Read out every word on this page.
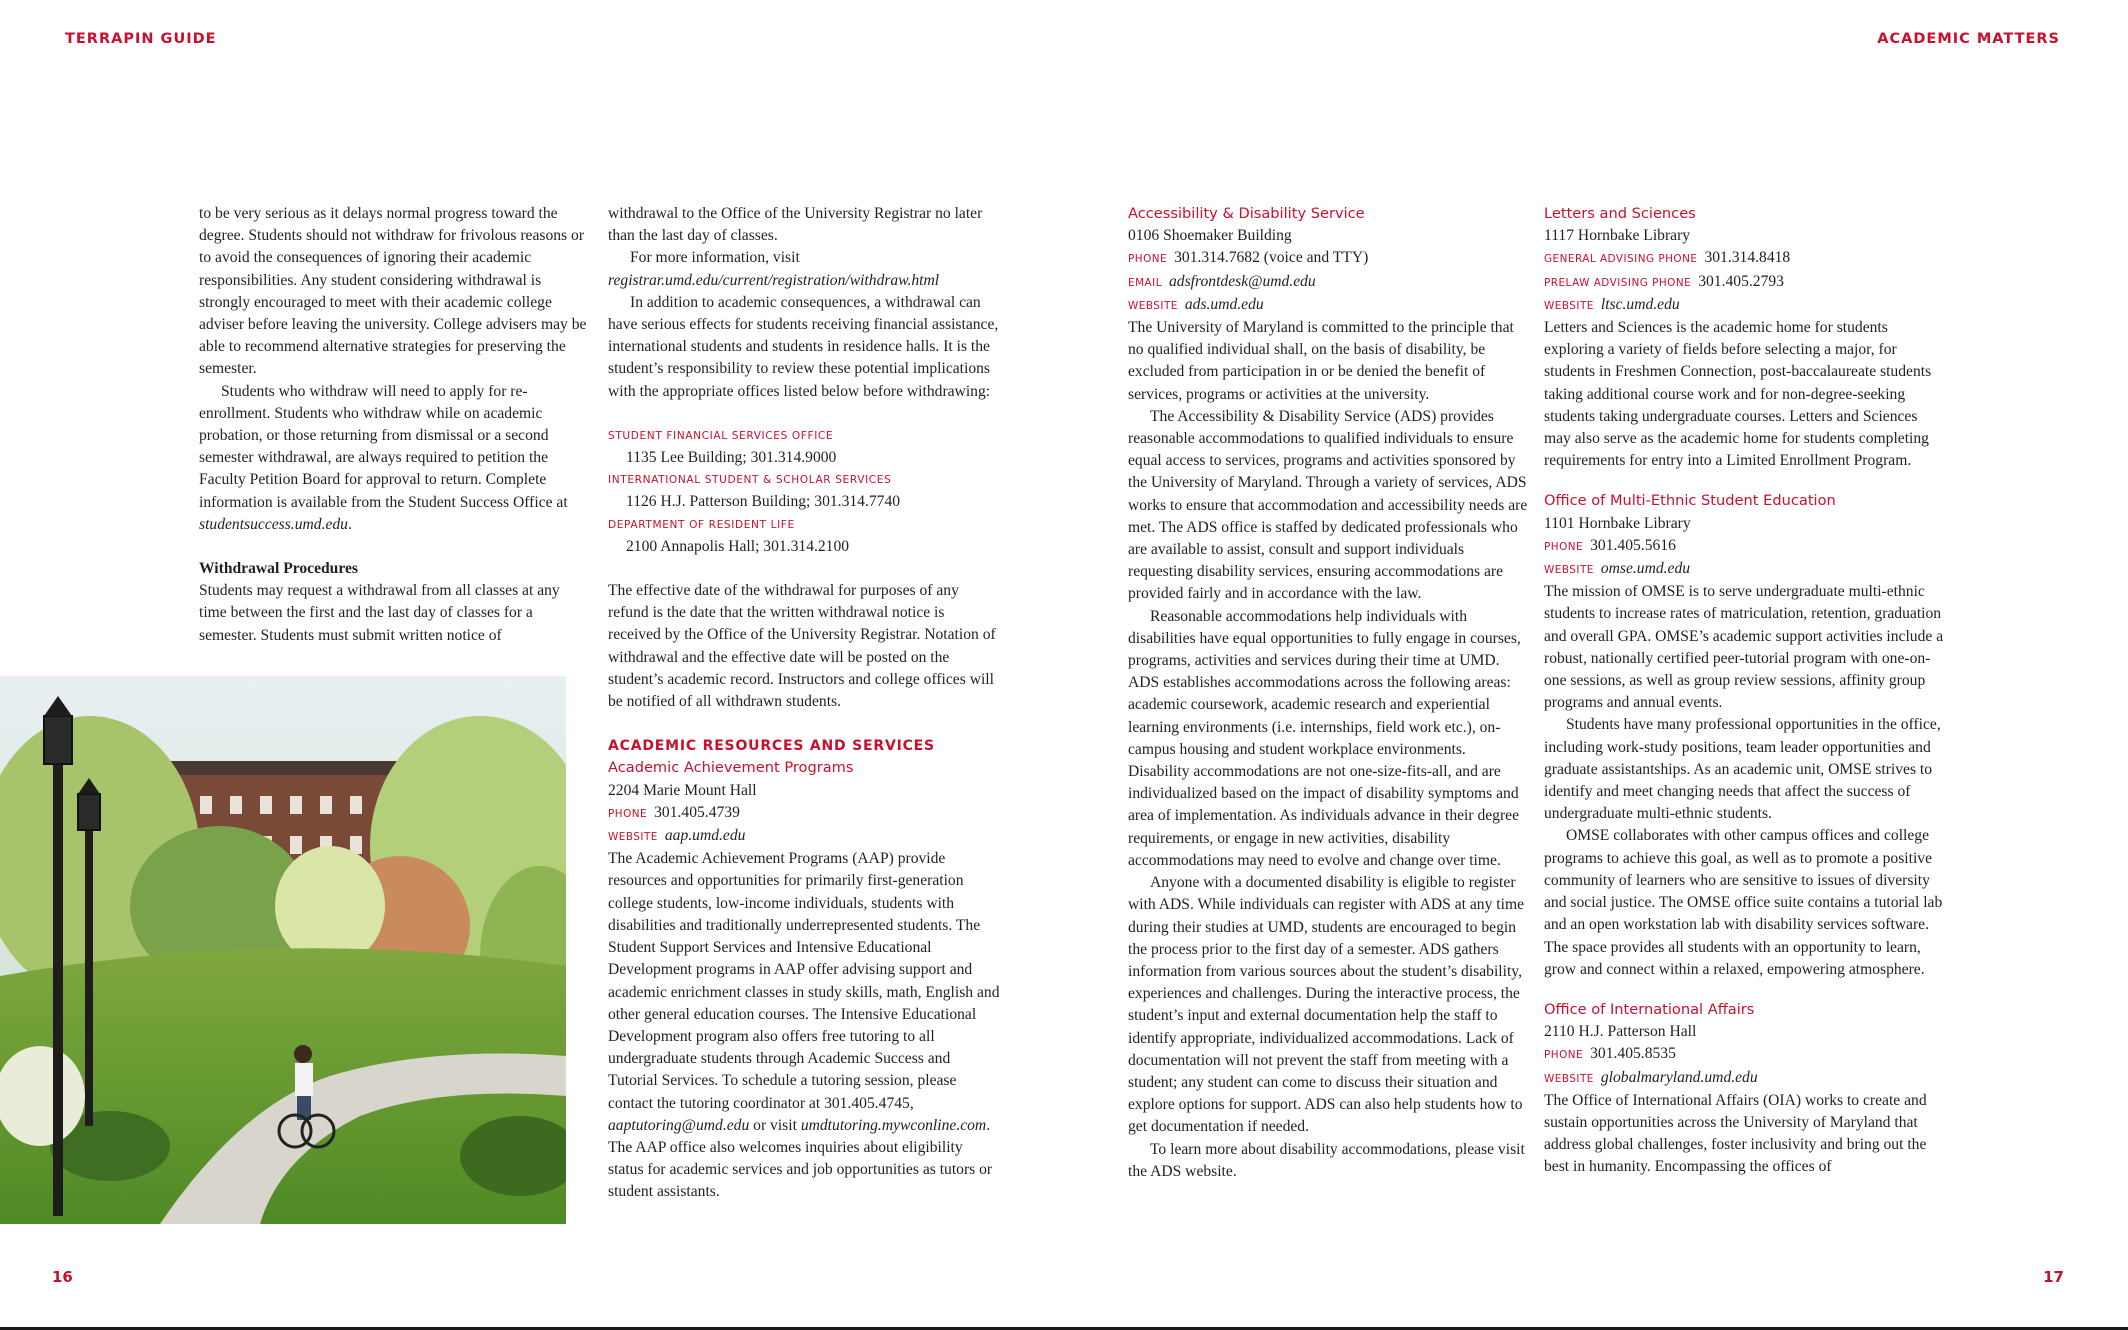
TERRAPIN GUIDE	ACADEMIC MATTERS

to be very serious as it delays normal progress toward the degree. Students should not withdraw for frivolous reasons or to avoid the consequences of ignoring their academic responsibilities. Any student considering withdrawal is strongly encouraged to meet with their academic college adviser before leaving the university. College advisers may be able to recommend alternative strategies for preserving the semester.

Students who withdraw will need to apply for re-enrollment. Students who withdraw while on academic probation, or those returning from dismissal or a second semester withdrawal, are always required to petition the Faculty Petition Board for approval to return. Complete information is available from the Student Success Office at studentsuccess.umd.edu.

Withdrawal Procedures

Students may request a withdrawal from all classes at any time between the first and the last day of classes for a semester. Students must submit written notice of

withdrawal to the Office of the University Registrar no later than the last day of classes.

For more information, visit registrar.umd.edu/current/registration/withdraw.html

In addition to academic consequences, a withdrawal can have serious effects for students receiving financial assistance, international students and students in residence halls. It is the student’s responsibility to review these potential implications with the appropriate offices listed below before withdrawing:

STUDENT FINANCIAL SERVICES OFFICE
1135 Lee Building; 301.314.9000
INTERNATIONAL STUDENT & SCHOLAR SERVICES
1126 H.J. Patterson Building; 301.314.7740
DEPARTMENT OF RESIDENT LIFE
2100 Annapolis Hall; 301.314.2100

The effective date of the withdrawal for purposes of any refund is the date that the written withdrawal notice is received by the Office of the University Registrar. Notation of withdrawal and the effective date will be posted on the student’s academic record. Instructors and college offices will be notified of all withdrawn students.

ACADEMIC RESOURCES AND SERVICES
Academic Achievement Programs
2204 Marie Mount Hall
PHONE 301.405.4739
WEBSITE aap.umd.edu

The Academic Achievement Programs (AAP) provide resources and opportunities for primarily first-generation college students, low-income individuals, students with disabilities and traditionally underrepresented students. The Student Support Services and Intensive Educational Development programs in AAP offer advising support and academic enrichment classes in study skills, math, English and other general education courses. The Intensive Educational Development program also offers free tutoring to all undergraduate students through Academic Success and Tutorial Services. To schedule a tutoring session, please contact the tutoring coordinator at 301.405.4745, aaptutoring@umd.edu or visit umdtutoring.mywconline.com. The AAP office also welcomes inquiries about eligibility status for academic services and job opportunities as tutors or student assistants.

Accessibility & Disability Service
0106 Shoemaker Building
PHONE 301.314.7682 (voice and TTY)
EMAIL adsfrontdesk@umd.edu
WEBSITE ads.umd.edu

The University of Maryland is committed to the principle that no qualified individual shall, on the basis of disability, be excluded from participation in or be denied the benefit of services, programs or activities at the university.

The Accessibility & Disability Service (ADS) provides reasonable accommodations to qualified individuals to ensure equal access to services, programs and activities sponsored by the University of Maryland. Through a variety of services, ADS works to ensure that accommodation and accessibility needs are met. The ADS office is staffed by dedicated professionals who are available to assist, consult and support individuals requesting disability services, ensuring accommodations are provided fairly and in accordance with the law.

Reasonable accommodations help individuals with disabilities have equal opportunities to fully engage in courses, programs, activities and services during their time at UMD. ADS establishes accommodations across the following areas: academic coursework, academic research and experiential learning environments (i.e. internships, field work etc.), on-campus housing and student workplace environments. Disability accommodations are not one-size-fits-all, and are individualized based on the impact of disability symptoms and area of implementation. As individuals advance in their degree requirements, or engage in new activities, disability accommodations may need to evolve and change over time.

Anyone with a documented disability is eligible to register with ADS. While individuals can register with ADS at any time during their studies at UMD, students are encouraged to begin the process prior to the first day of a semester. ADS gathers information from various sources about the student’s disability, experiences and challenges. During the interactive process, the student’s input and external documentation help the staff to identify appropriate, individualized accommodations. Lack of documentation will not prevent the staff from meeting with a student; any student can come to discuss their situation and explore options for support. ADS can also help students how to get documentation if needed.

To learn more about disability accommodations, please visit the ADS website.

Letters and Sciences
1117 Hornbake Library
GENERAL ADVISING PHONE 301.314.8418
PRELAW ADVISING PHONE 301.405.2793
WEBSITE ltsc.umd.edu

Letters and Sciences is the academic home for students exploring a variety of fields before selecting a major, for students in Freshmen Connection, post-baccalaureate students taking additional course work and for non-degree-seeking students taking undergraduate courses. Letters and Sciences may also serve as the academic home for students completing requirements for entry into a Limited Enrollment Program.

Office of Multi-Ethnic Student Education
1101 Hornbake Library
PHONE 301.405.5616
WEBSITE omse.umd.edu

The mission of OMSE is to serve undergraduate multi-ethnic students to increase rates of matriculation, retention, graduation and overall GPA. OMSE’s academic support activities include a robust, nationally certified peer-tutorial program with one-on-one sessions, as well as group review sessions, affinity group programs and annual events.

Students have many professional opportunities in the office, including work-study positions, team leader opportunities and graduate assistantships. As an academic unit, OMSE strives to identify and meet changing needs that affect the success of undergraduate multi-ethnic students.

OMSE collaborates with other campus offices and college programs to achieve this goal, as well as to promote a positive community of learners who are sensitive to issues of diversity and social justice. The OMSE office suite contains a tutorial lab and an open workstation lab with disability services software. The space provides all students with an opportunity to learn, grow and connect within a relaxed, empowering atmosphere.

Office of International Affairs
2110 H.J. Patterson Hall
PHONE 301.405.8535
WEBSITE globalmaryland.umd.edu

The Office of International Affairs (OIA) works to create and sustain opportunities across the University of Maryland that address global challenges, foster inclusivity and bring out the best in humanity. Encompassing the offices of

16	17
